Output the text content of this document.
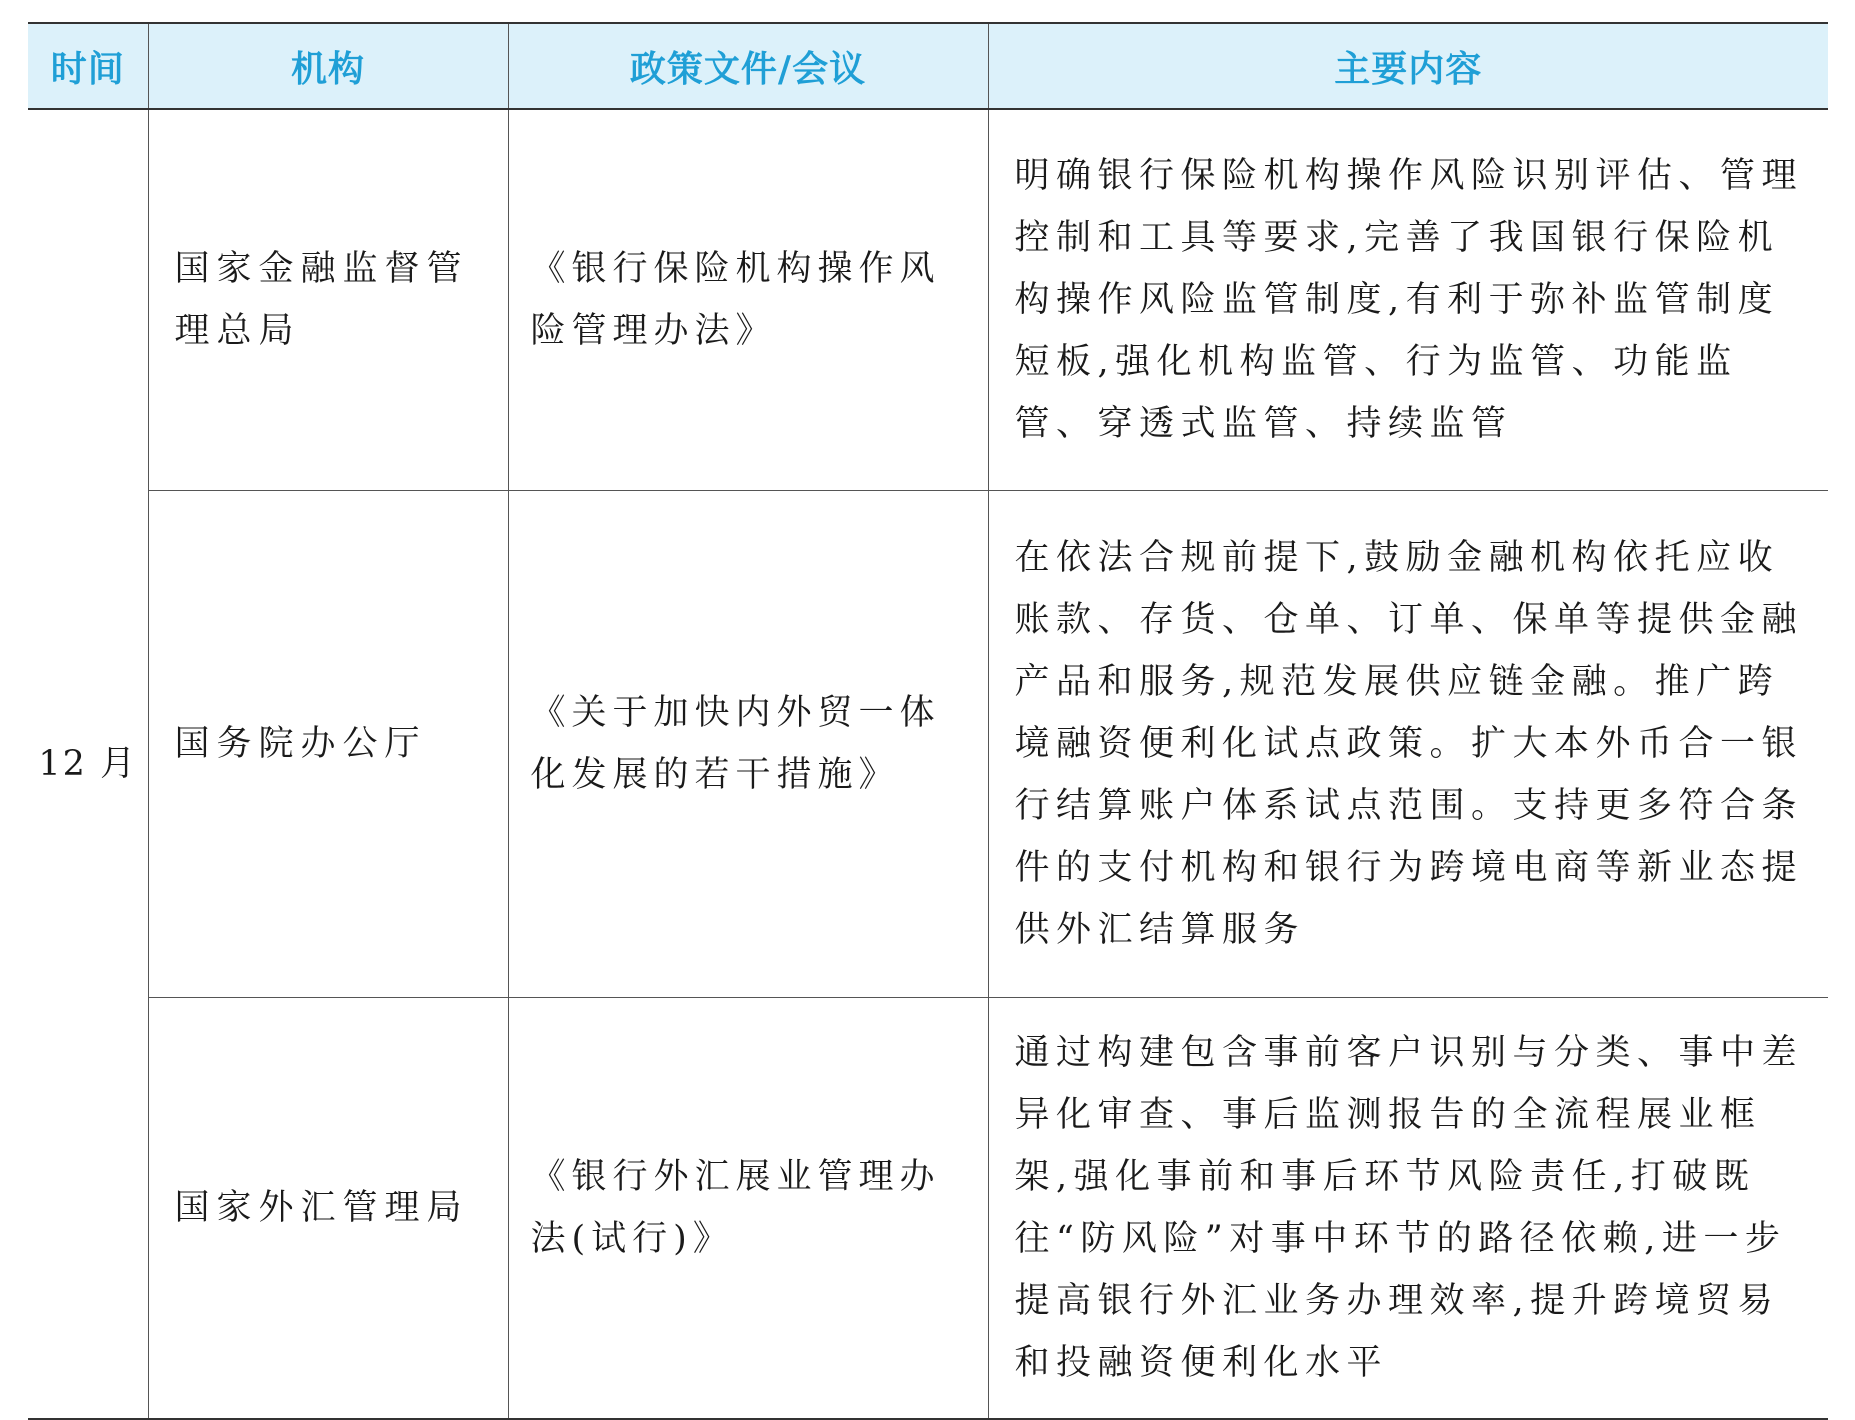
时间	机构	政策文件/会议	主要内容
12 月	国家金融监督管理总局	《银行保险机构操作风险管理办法》	明确银行保险机构操作风险识别评估、管理控制和工具等要求,完善了我国银行保险机构操作风险监管制度,有利于弥补监管制度短板,强化机构监管、行为监管、功能监管、穿透式监管、持续监管
	国务院办公厅	《关于加快内外贸一体化发展的若干措施》	在依法合规前提下,鼓励金融机构依托应收账款、存货、仓单、订单、保单等提供金融产品和服务,规范发展供应链金融。推广跨境融资便利化试点政策。扩大本外币合一银行结算账户体系试点范围。支持更多符合条件的支付机构和银行为跨境电商等新业态提供外汇结算服务
	国家外汇管理局	《银行外汇展业管理办法(试行)》	通过构建包含事前客户识别与分类、事中差异化审查、事后监测报告的全流程展业框架,强化事前和事后环节风险责任,打破既往“防风险”对事中环节的路径依赖,进一步提高银行外汇业务办理效率,提升跨境贸易和投融资便利化水平
